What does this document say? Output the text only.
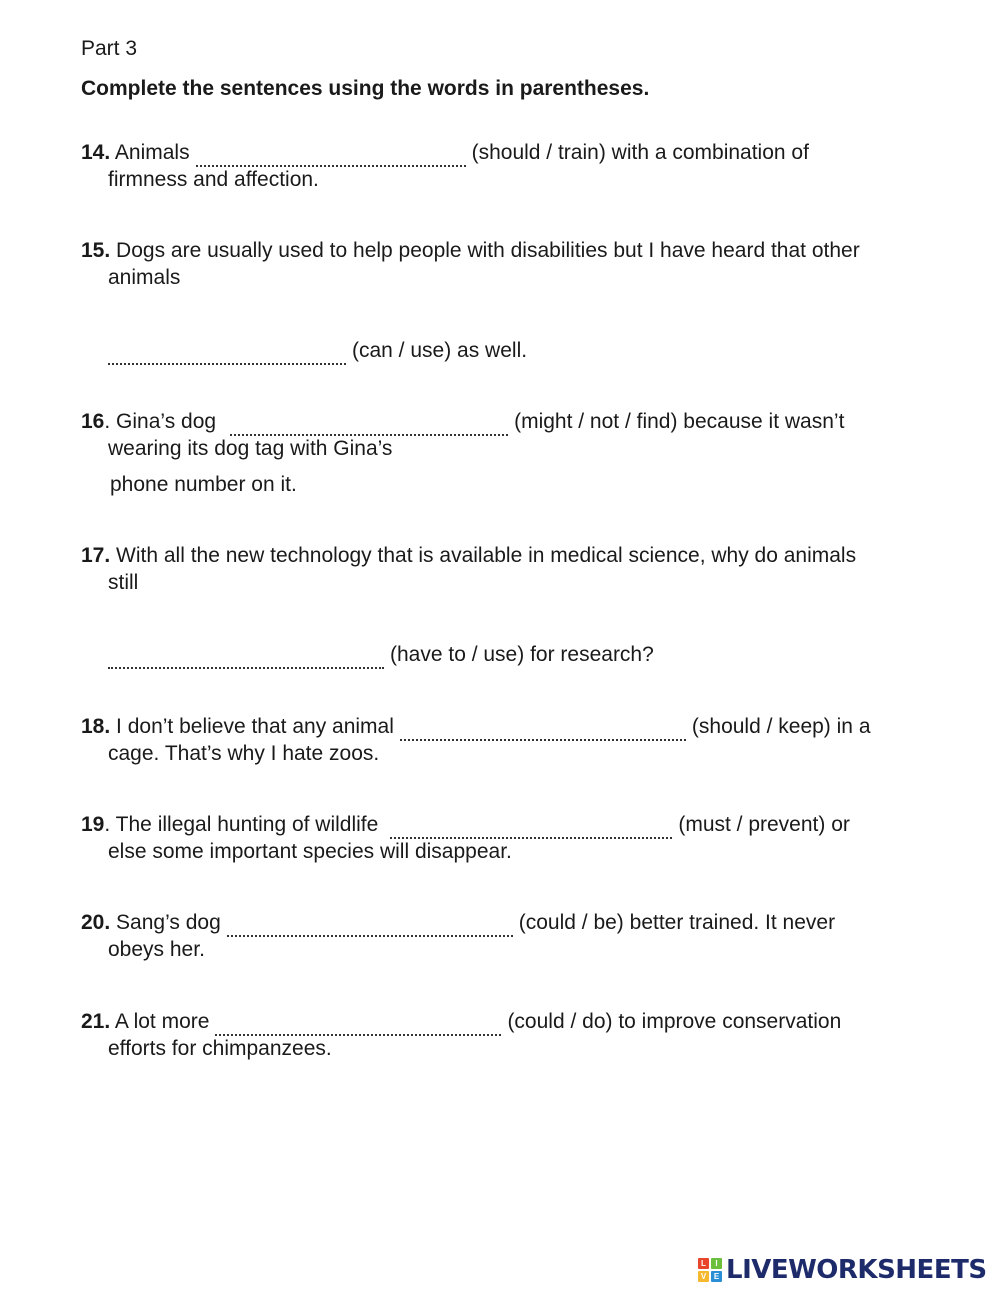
Part 3
Complete the sentences using the words in parentheses.
14. Animals	(should / train) with a combination of
firmness and affection.
15. Dogs are usually used to help people with disabilities but I have heard that other
animals
(can / use) as well.
16. Gina’s dog	(might / not / find) because it wasn’t
wearing its dog tag with Gina’s
phone number on it.
17. With all the new technology that is available in medical science, why do animals
still
(have to / use) for research?
18. I don’t believe that any animal	(should / keep) in a
cage. That’s why I hate zoos.
19. The illegal hunting of wildlife	(must / prevent) or
else some important species will disappear.
20. Sang’s dog	(could / be) better trained. It never
obeys her.
21. A lot more	(could / do) to improve conservation
efforts for chimpanzees.
L	I
V E LIVEWORKSHEETS
